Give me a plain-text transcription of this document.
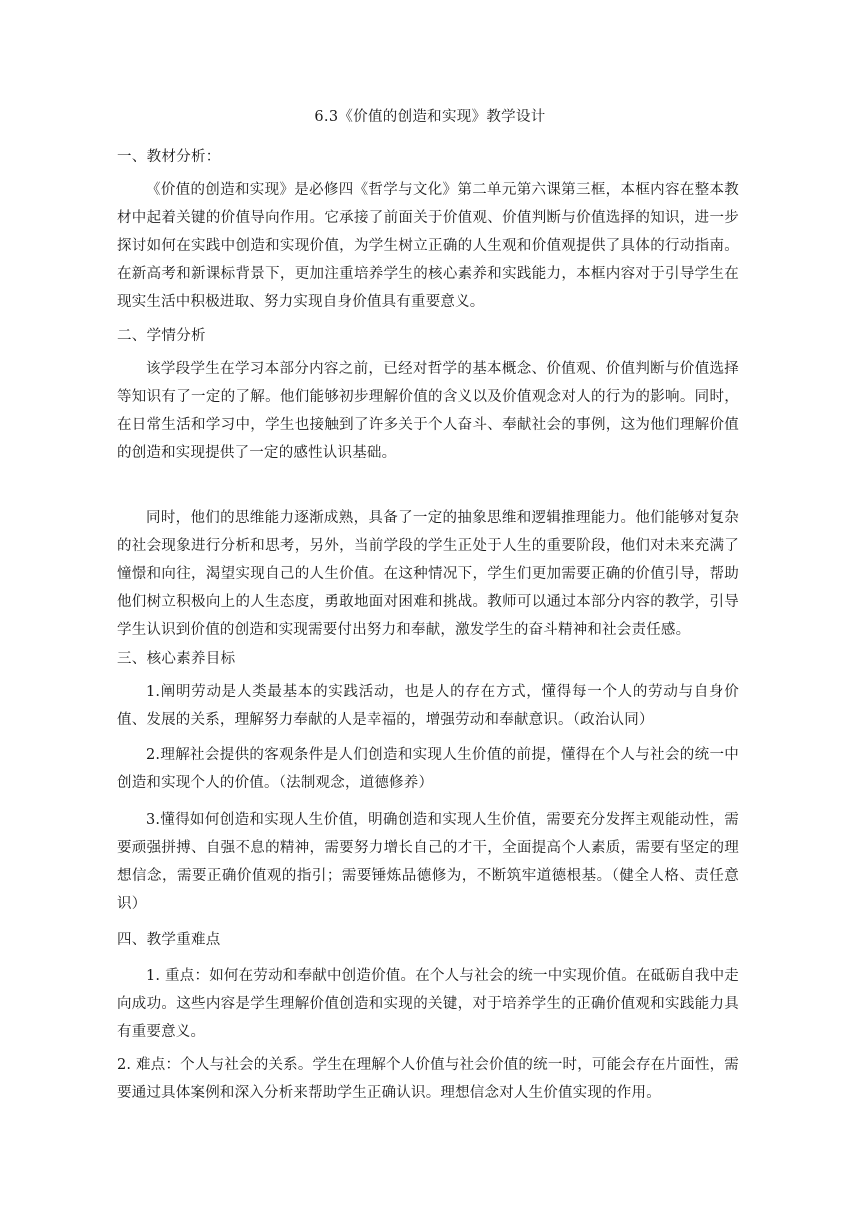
6.3《价值的创造和实现》教学设计
一、教材分析：
《价值的创造和实现》是必修四《哲学与文化》第二单元第六课第三框，本框内容在整本教材中起着关键的价值导向作用。它承接了前面关于价值观、价值判断与价值选择的知识，进一步探讨如何在实践中创造和实现价值，为学生树立正确的人生观和价值观提供了具体的行动指南。在新高考和新课标背景下，更加注重培养学生的核心素养和实践能力，本框内容对于引导学生在现实生活中积极进取、努力实现自身价值具有重要意义。
二、学情分析
该学段学生在学习本部分内容之前，已经对哲学的基本概念、价值观、价值判断与价值选择等知识有了一定的了解。他们能够初步理解价值的含义以及价值观念对人的行为的影响。同时，在日常生活和学习中，学生也接触到了许多关于个人奋斗、奉献社会的事例，这为他们理解价值的创造和实现提供了一定的感性认识基础。
同时，他们的思维能力逐渐成熟，具备了一定的抽象思维和逻辑推理能力。他们能够对复杂的社会现象进行分析和思考，另外，当前学段的学生正处于人生的重要阶段，他们对未来充满了憧憬和向往，渴望实现自己的人生价值。在这种情况下，学生们更加需要正确的价值引导，帮助他们树立积极向上的人生态度，勇敢地面对困难和挑战。教师可以通过本部分内容的教学，引导学生认识到价值的创造和实现需要付出努力和奉献，激发学生的奋斗精神和社会责任感。
三、核心素养目标
1.阐明劳动是人类最基本的实践活动，也是人的存在方式，懂得每一个人的劳动与自身价值、发展的关系，理解努力奉献的人是幸福的，增强劳动和奉献意识。（政治认同）
2.理解社会提供的客观条件是人们创造和实现人生价值的前提，懂得在个人与社会的统一中创造和实现个人的价值。（法制观念，道德修养）
3.懂得如何创造和实现人生价值，明确创造和实现人生价值，需要充分发挥主观能动性，需要顽强拼搏、自强不息的精神，需要努力增长自己的才干，全面提高个人素质，需要有坚定的理想信念，需要正确价值观的指引；需要锤炼品德修为，不断筑牢道德根基。（健全人格、责任意识）
四、教学重难点
1. 重点：如何在劳动和奉献中创造价值。在个人与社会的统一中实现价值。在砥砺自我中走向成功。这些内容是学生理解价值创造和实现的关键，对于培养学生的正确价值观和实践能力具有重要意义。
2. 难点：个人与社会的关系。学生在理解个人价值与社会价值的统一时，可能会存在片面性，需要通过具体案例和深入分析来帮助学生正确认识。理想信念对人生价值实现的作用。
